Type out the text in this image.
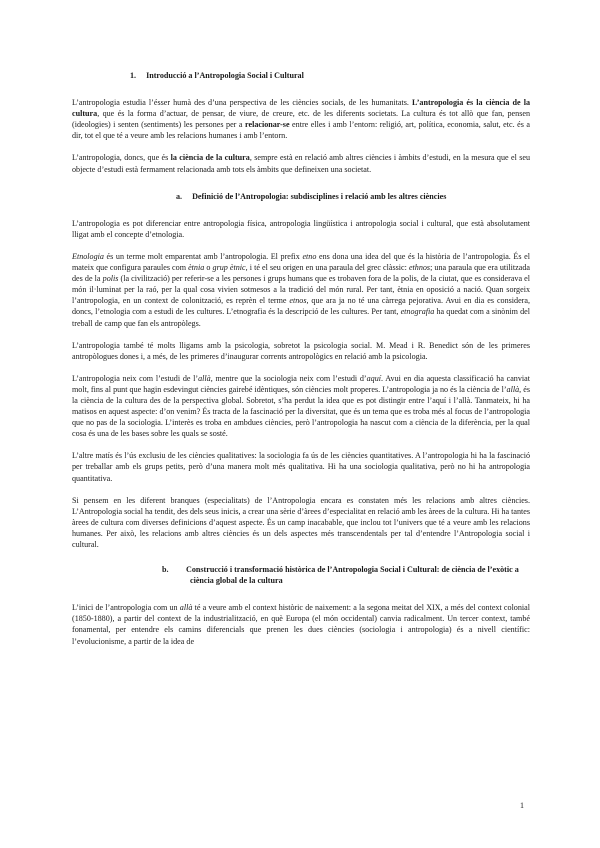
1. Introducció a l’Antropologia Social i Cultural

L’antropologia estudia l’ésser humà des d’una perspectiva de les ciències socials, de les humanitats. L’antropologia és la ciència de la cultura, que és la forma d’actuar, de pensar, de viure, de creure, etc. de les diferents societats. La cultura és tot allò que fan, pensen (ideologies) i senten (sentiments) les persones per a relacionar-se entre elles i amb l’entorn: religió, art, política, economia, salut, etc. és a dir, tot el que té a veure amb les relacions humanes i amb l’entorn.

L’antropologia, doncs, que és la ciència de la cultura, sempre està en relació amb altres ciències i àmbits d’estudi, en la mesura que el seu objecte d’estudi està fermament relacionada amb tots els àmbits que defineixen una societat.

a. Definició de l’Antropologia: subdisciplines i relació amb les altres ciències

L’antropologia es pot diferenciar entre antropologia física, antropologia lingüística i antropologia social i cultural, que està absolutament lligat amb el concepte d’etnologia.

Etnologia és un terme molt emparentat amb l’antropologia. El prefix etno ens dona una idea del que és la història de l’antropologia. És el mateix que configura paraules com ètnia o grup ètnic, i té el seu origen en una paraula del grec clàssic: ethnos; una paraula que era utilitzada des de la polis (la civilització) per referir-se a les persones i grups humans que es trobaven fora de la polis, de la ciutat, que es considerava el món il·luminat per la raó, per la qual cosa vivien sotmesos a la tradició del món rural. Per tant, ètnia en oposició a nació. Quan sorgeix l’antropologia, en un context de colonització, es reprèn el terme etnos, que ara ja no té una càrrega pejorativa. Avui en dia es considera, doncs, l’etnologia com a estudi de les cultures. L’etnografia és la descripció de les cultures. Per tant, etnografia ha quedat com a sinònim del treball de camp que fan els antropòlegs.

L’antropologia també té molts lligams amb la psicologia, sobretot la psicologia social. M. Mead i R. Benedict són de les primeres antropòlogues dones i, a més, de les primeres d’inaugurar corrents antropològics en relació amb la psicologia.

L’antropologia neix com l’estudi de l’allà, mentre que la sociologia neix com l’estudi d’aquí. Avui en dia aquesta classificació ha canviat molt, fins al punt que hagin esdevingut ciències gairebé idèntiques, són ciències molt properes. L’antropologia ja no és la ciència de l’allà, és la ciència de la cultura des de la perspectiva global. Sobretot, s’ha perdut la idea que es pot distingir entre l’aquí i l’allà. Tanmateix, hi ha matisos en aquest aspecte: d’on venim? És tracta de la fascinació per la diversitat, que és un tema que es troba més al focus de l’antropologia que no pas de la sociologia. L’interès es troba en ambdues ciències, però l’antropologia ha nascut com a ciència de la diferència, per la qual cosa és una de les bases sobre les quals se sosté.

L’altre matís és l’ús exclusiu de les ciències qualitatives: la sociologia fa ús de les ciències quantitatives. A l’antropologia hi ha la fascinació per treballar amb els grups petits, però d’una manera molt més qualitativa. Hi ha una sociologia qualitativa, però no hi ha antropologia quantitativa.

Si pensem en les diferent branques (especialitats) de l’Antropologia encara es constaten més les relacions amb altres ciències. L’Antropologia social ha tendit, des dels seus inicis, a crear una sèrie d’àrees d’especialitat en relació amb les àrees de la cultura. Hi ha tantes àrees de cultura com diverses definicions d’aquest aspecte. És un camp inacabable, que inclou tot l’univers que té a veure amb les relacions humanes. Per això, les relacions amb altres ciències és un dels aspectes més transcendentals per tal d’entendre l’Antropologia social i cultural.

b. Construcció i transformació històrica de l’Antropologia Social i Cultural: de ciència de l’exòtic a ciència global de la cultura

L’inici de l’antropologia com un allà té a veure amb el context històric de naixement: a la segona meitat del XIX, a més del context colonial (1850-1880), a partir del context de la industrialització, en què Europa (el món occidental) canvia radicalment. Un tercer context, també fonamental, per entendre els camins diferencials que prenen les dues ciències (sociologia i antropologia) és a nivell científic: l’evolucionisme, a partir de la idea de

1
